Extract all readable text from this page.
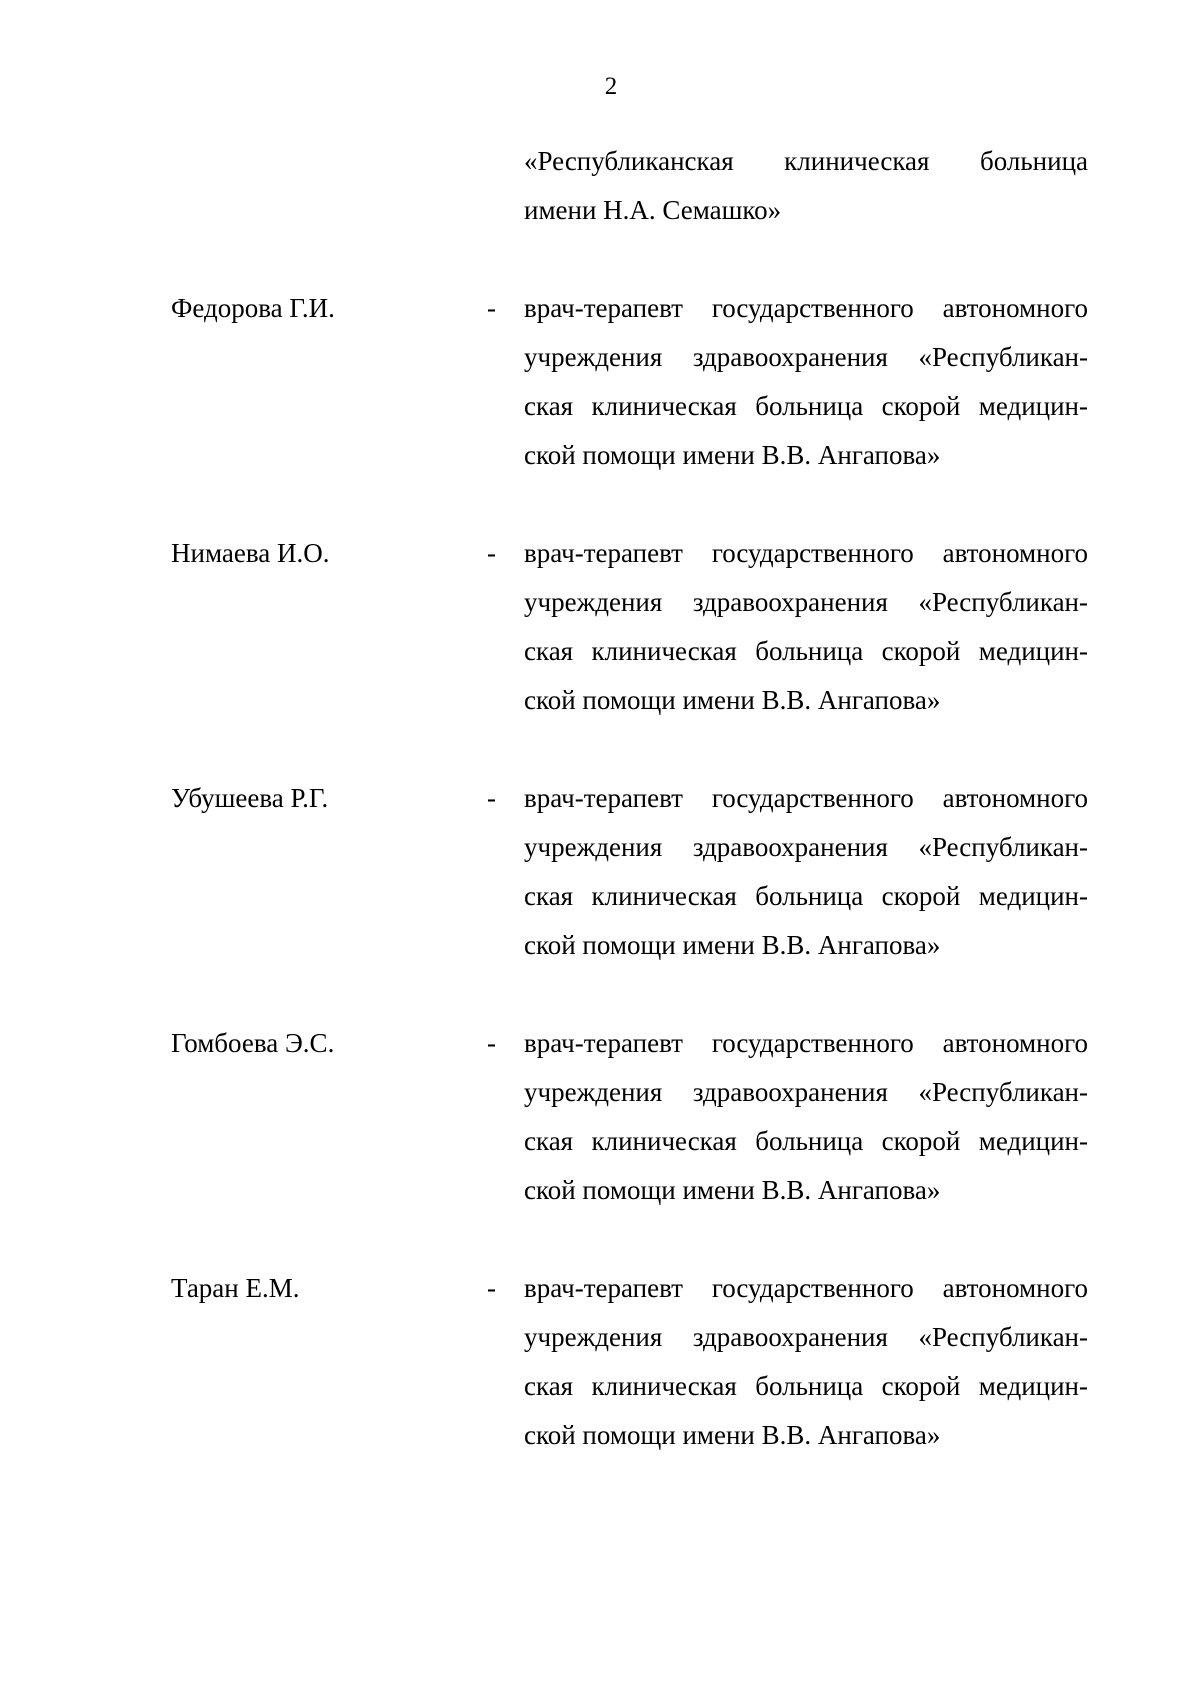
2
«Республиканская клиническая больница
имени Н.А. Семашко»
Федорова Г.И.	- врач-терапевт государственного автономного
учреждения здравоохранения «Республикан-
ская клиническая больница скорой медицин-
ской помощи имени В.В. Ангапова»
Нимаева И.О.	- врач-терапевт государственного автономного
учреждения здравоохранения «Республикан-
ская клиническая больница скорой медицин-
ской помощи имени В.В. Ангапова»
Убушеева Р.Г.	- врач-терапевт государственного автономного
учреждения здравоохранения «Республикан-
ская клиническая больница скорой медицин-
ской помощи имени В.В. Ангапова»
Гомбоева Э.С.	- врач-терапевт государственного автономного
учреждения здравоохранения «Республикан-
ская клиническая больница скорой медицин-
ской помощи имени В.В. Ангапова»
Таран Е.М.	- врач-терапевт государственного автономного
учреждения здравоохранения «Республикан-
ская клиническая больница скорой медицин-
ской помощи имени В.В. Ангапова»
